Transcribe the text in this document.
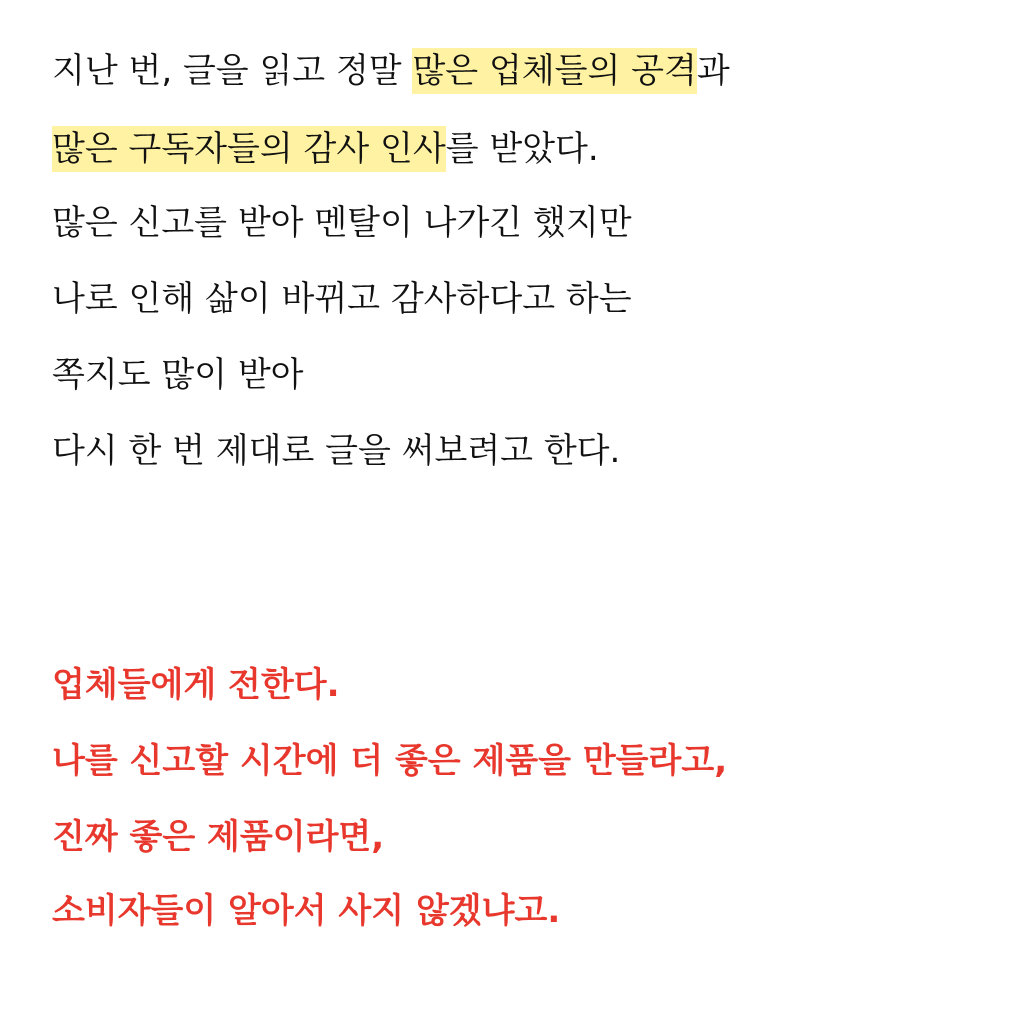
지난 번, 글을 읽고 정말 많은 업체들의 공격과
많은 구독자들의 감사 인사를 받았다.
많은 신고를 받아 멘탈이 나가긴 했지만
나로 인해 삶이 바뀌고 감사하다고 하는
쪽지도 많이 받아
다시 한 번 제대로 글을 써보려고 한다.
업체들에게 전한다.
나를 신고할 시간에 더 좋은 제품을 만들라고,
진짜 좋은 제품이라면,
소비자들이 알아서 사지 않겠냐고.
